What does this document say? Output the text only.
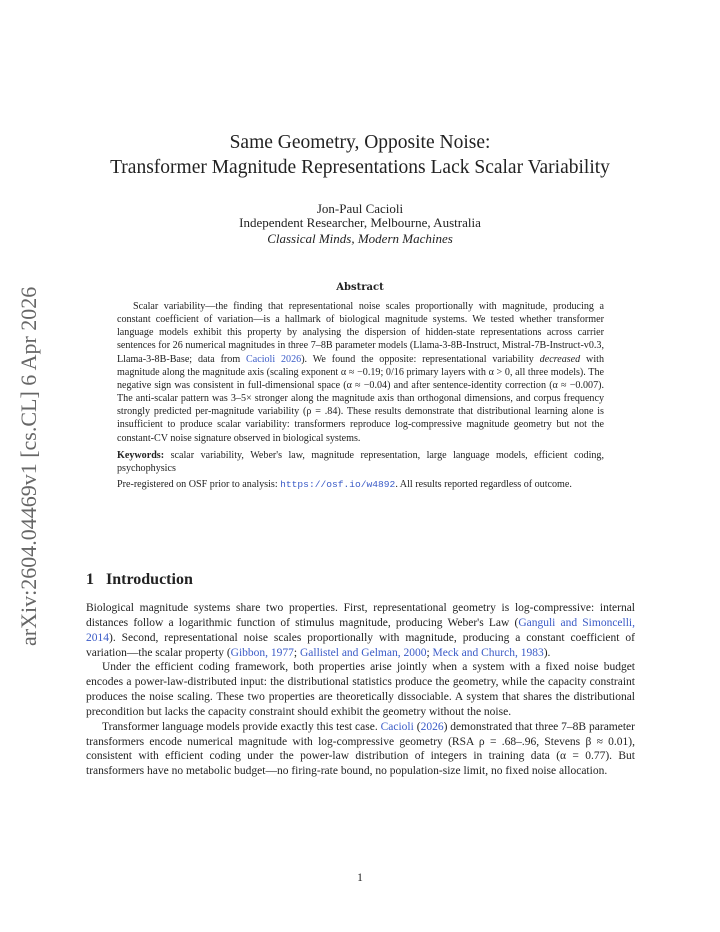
arXiv:2604.04469v1 [cs.CL] 6 Apr 2026
Same Geometry, Opposite Noise:
Transformer Magnitude Representations Lack Scalar Variability
Jon-Paul Cacioli
Independent Researcher, Melbourne, Australia
Classical Minds, Modern Machines
Abstract

Scalar variability—the finding that representational noise scales proportionally with magnitude, producing a constant coefficient of variation—is a hallmark of biological magnitude systems. We tested whether transformer language models exhibit this property by analysing the dispersion of hidden-state representations across carrier sentences for 26 numerical magnitudes in three 7–8B parameter models (Llama-3-8B-Instruct, Mistral-7B-Instruct-v0.3, Llama-3-8B-Base; data from Cacioli 2026). We found the opposite: representational variability decreased with magnitude along the magnitude axis (scaling exponent α ≈ −0.19; 0/16 primary layers with α > 0, all three models). The negative sign was consistent in full-dimensional space (α ≈ −0.04) and after sentence-identity correction (α ≈ −0.007). The anti-scalar pattern was 3–5× stronger along the magnitude axis than orthogonal dimensions, and corpus frequency strongly predicted per-magnitude variability (ρ = .84). These results demonstrate that distributional learning alone is insufficient to produce scalar variability: transformers reproduce log-compressive magnitude geometry but not the constant-CV noise signature observed in biological systems.

Keywords: scalar variability, Weber's law, magnitude representation, large language models, efficient coding, psychophysics

Pre-registered on OSF prior to analysis: https://osf.io/w4892. All results reported regardless of outcome.

1 Introduction

Biological magnitude systems share two properties. First, representational geometry is log-compressive: internal distances follow a logarithmic function of stimulus magnitude, producing Weber's Law (Ganguli and Simoncelli, 2014). Second, representational noise scales proportionally with magnitude, producing a constant coefficient of variation—the scalar property (Gibbon, 1977; Gallistel and Gelman, 2000; Meck and Church, 1983).

Under the efficient coding framework, both properties arise jointly when a system with a fixed noise budget encodes a power-law-distributed input: the distributional statistics produce the geometry, while the capacity constraint produces the noise scaling. These two properties are theoretically dissociable. A system that shares the distributional precondition but lacks the capacity constraint should exhibit the geometry without the noise.

Transformer language models provide exactly this test case. Cacioli (2026) demonstrated that three 7–8B parameter transformers encode numerical magnitude with log-compressive geometry (RSA ρ = .68–.96, Stevens β ≈ 0.01), consistent with efficient coding under the power-law distribution of integers in training data (α = 0.77). But transformers have no metabolic budget—no firing-rate bound, no population-size limit, no fixed noise allocation.

1
